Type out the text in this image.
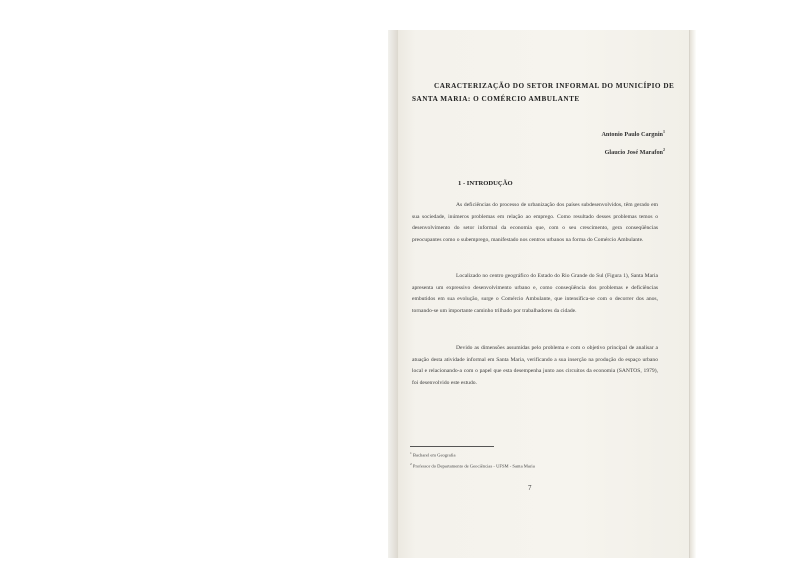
CARACTERIZAÇÃO DO SETOR INFORMAL DO MUNICÍPIO DE
SANTA MARIA: O COMÉRCIO AMBULANTE
Antonio Paulo Cargnin$^1$
Glaucio José Marafon$^2$
1 - INTRODUÇÃO

As deficiências do processo de urbanização dos países subdesenvolvidos, têm gerado em sua sociedade, inúmeros problemas em relação ao emprego. Como resultado desses problemas temos o desenvolvimento do setor informal da economia que, com o seu crescimento, gera conseqüências preocupantes como o subemprego, manifestado nos centros urbanos na forma do Comércio Ambulante.

Localizado no centro geográfico do Estado do Rio Grande do Sul (Figura 1), Santa Maria apresenta um expressivo desenvolvimento urbano e, como conseqüência dos problemas e deficiências embutidos em sua evolução, surge o Comércio Ambulante, que intensifica-se com o decorrer dos anos, tornando-se um importante caminho trilhado por trabalhadores da cidade.

Devido as dimensões assumidas pelo problema e com o objetivo principal de analisar a atuação desta atividade informal em Santa Maria, verificando a sua inserção na produção do espaço urbano local e relacionando-a com o papel que esta desempenha junto aos circuitos da economia (SANTOS, 1979), foi desenvolvido este estudo.

$^1$ Bacharel em Geografia
$^2$ Professor do Departamento de Geociências - UFSM - Santa Maria
7
